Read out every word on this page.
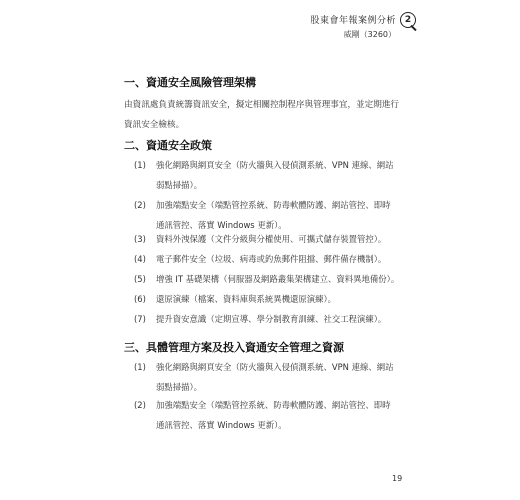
股東會年報案例分析
威剛（3260）
2
一、資通安全風險管理架構
由資訊處負責統籌資訊安全，擬定相關控制程序與管理事宜，並定期進行
資訊安全檢核。
二、資通安全政策
(1) 強化網路與網頁安全（防火牆與入侵偵測系統、VPN 連線、網站
弱點掃描）。
(2) 加強端點安全（端點管控系統、防毒軟體防護、網站管控、即時
通訊管控、落實 Windows 更新）。
(3) 資料外洩保護（文件分級與分權使用、可攜式儲存裝置管控）。
(4) 電子郵件安全（垃圾、病毒或釣魚郵件阻擋、郵件備存機制）。
(5) 增強 IT 基礎架構（伺服器及網路叢集架構建立、資料異地備份）。
(6) 還原演練（檔案、資料庫與系統異機還原演練）。
(7) 提升資安意識（定期宣導、學分制教育訓練、社交工程演練）。
三、具體管理方案及投入資通安全管理之資源
(1) 強化網路與網頁安全（防火牆與入侵偵測系統、VPN 連線、網站
弱點掃描）。
(2) 加強端點安全（端點管控系統、防毒軟體防護、網站管控、即時
通訊管控、落實 Windows 更新）。
19
